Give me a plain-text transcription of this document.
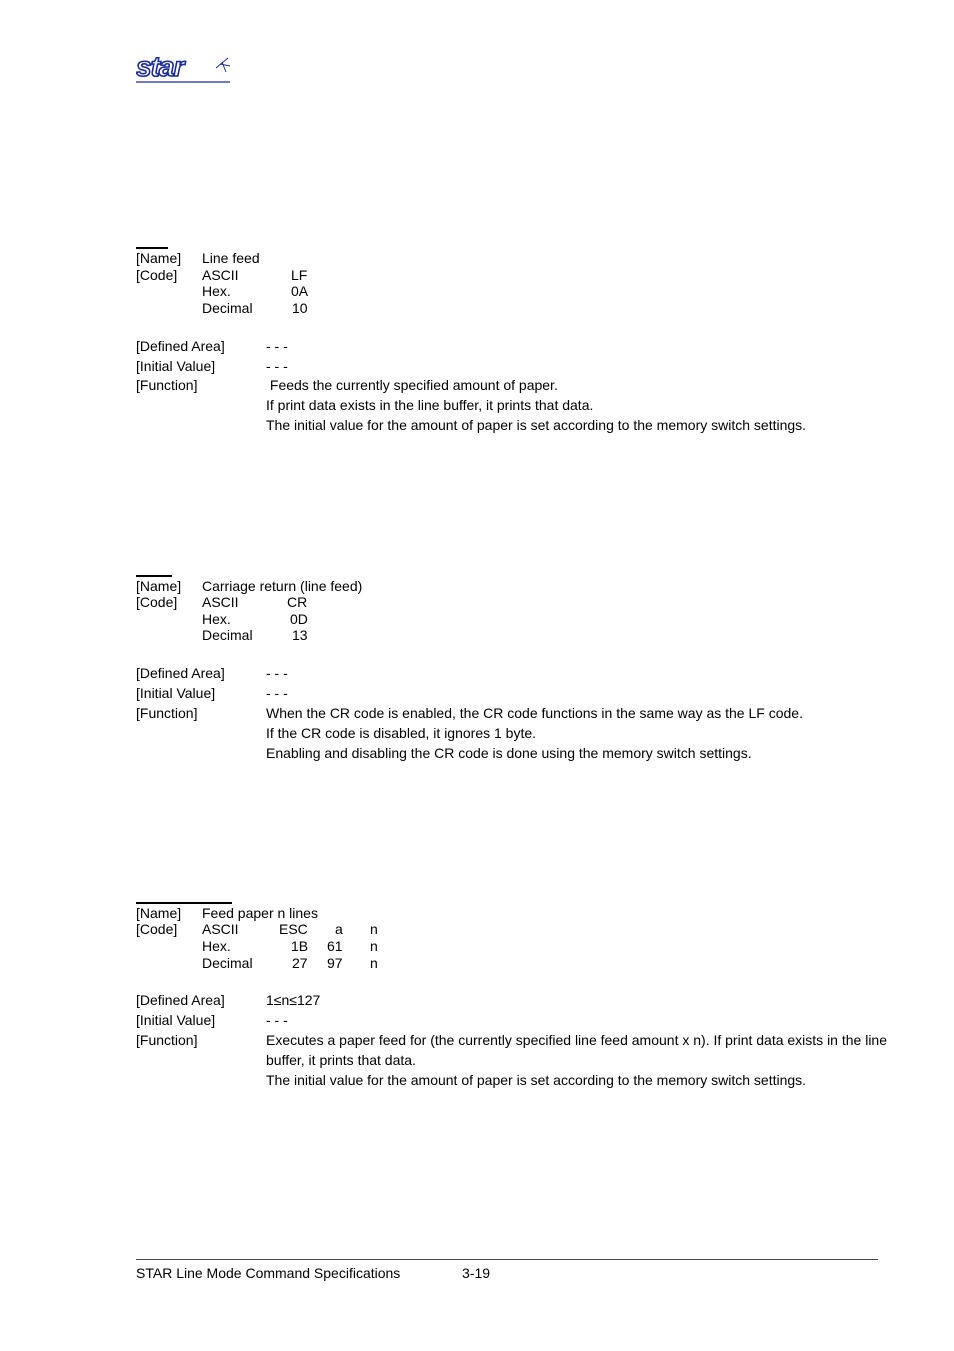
star
[Name] Line feed
[Code] ASCII	LF
Hex.	0A
Decimal	10
[Defined Area]	- - -
[Initial Value]	- - -
[Function]	Feeds the currently specified amount of paper.
If print data exists in the line buffer, it prints that data.
The initial value for the amount of paper is set according to the memory switch settings.
[Name] Carriage return (line feed)
[Code] ASCII	CR
Hex.	0D
Decimal	13
[Defined Area]	- - -
[Initial Value]	- - -
[Function]	When the CR code is enabled, the CR code functions in the same way as the LF code.
If the CR code is disabled, it ignores 1 byte.
Enabling and disabling the CR code is done using the memory switch settings.
[Name] Feed paper n lines
[Code] ASCII	ESC a n
Hex.	1B 61 n
Decimal	27 97 n
[Defined Area]	1≤n≤127
[Initial Value]	- - -
[Function]	Executes a paper feed for (the currently specified line feed amount x n). If print data exists in the line buffer, it prints that data.
The initial value for the amount of paper is set according to the memory switch settings.
STAR Line Mode Command Specifications	3-19
